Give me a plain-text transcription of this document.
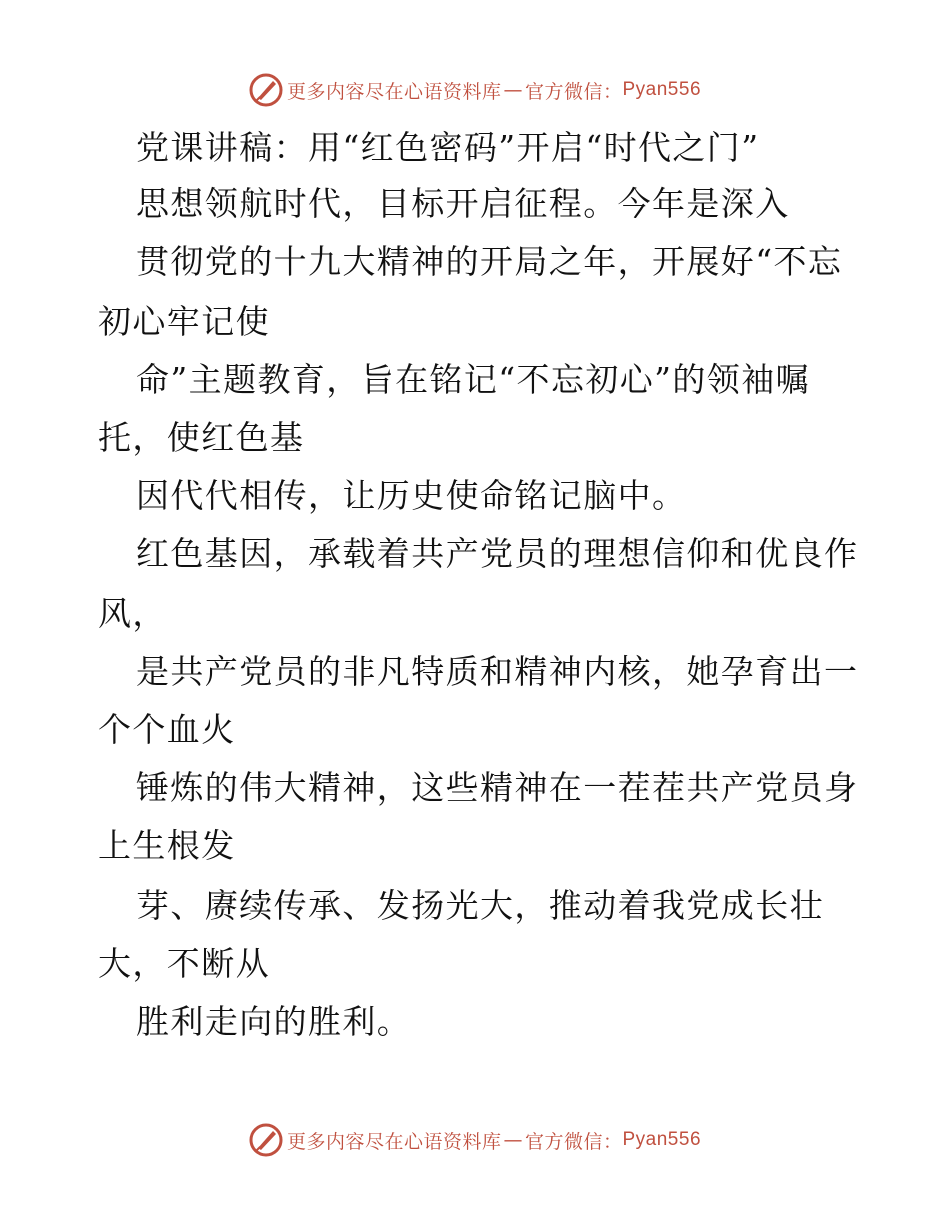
更多内容尽在心语资料库 — 官方微信： Pyan556
党课讲稿：用“红色密码”开启“时代之门”
思想领航时代，目标开启征程。今年是深入
贯彻党的十九大精神的开局之年，开展好“不忘
初心牢记使
命”主题教育，旨在铭记“不忘初心”的领袖嘱
托，使红色基
因代代相传，让历史使命铭记脑中。
红色基因，承载着共产党员的理想信仰和优良作
风，
是共产党员的非凡特质和精神内核，她孕育出一
个个血火
锤炼的伟大精神，这些精神在一茬茬共产党员身
上生根发
芽、赓续传承、发扬光大，推动着我党成长壮
大，不断从
胜利走向的胜利。
更多内容尽在心语资料库 — 官方微信： Pyan556
